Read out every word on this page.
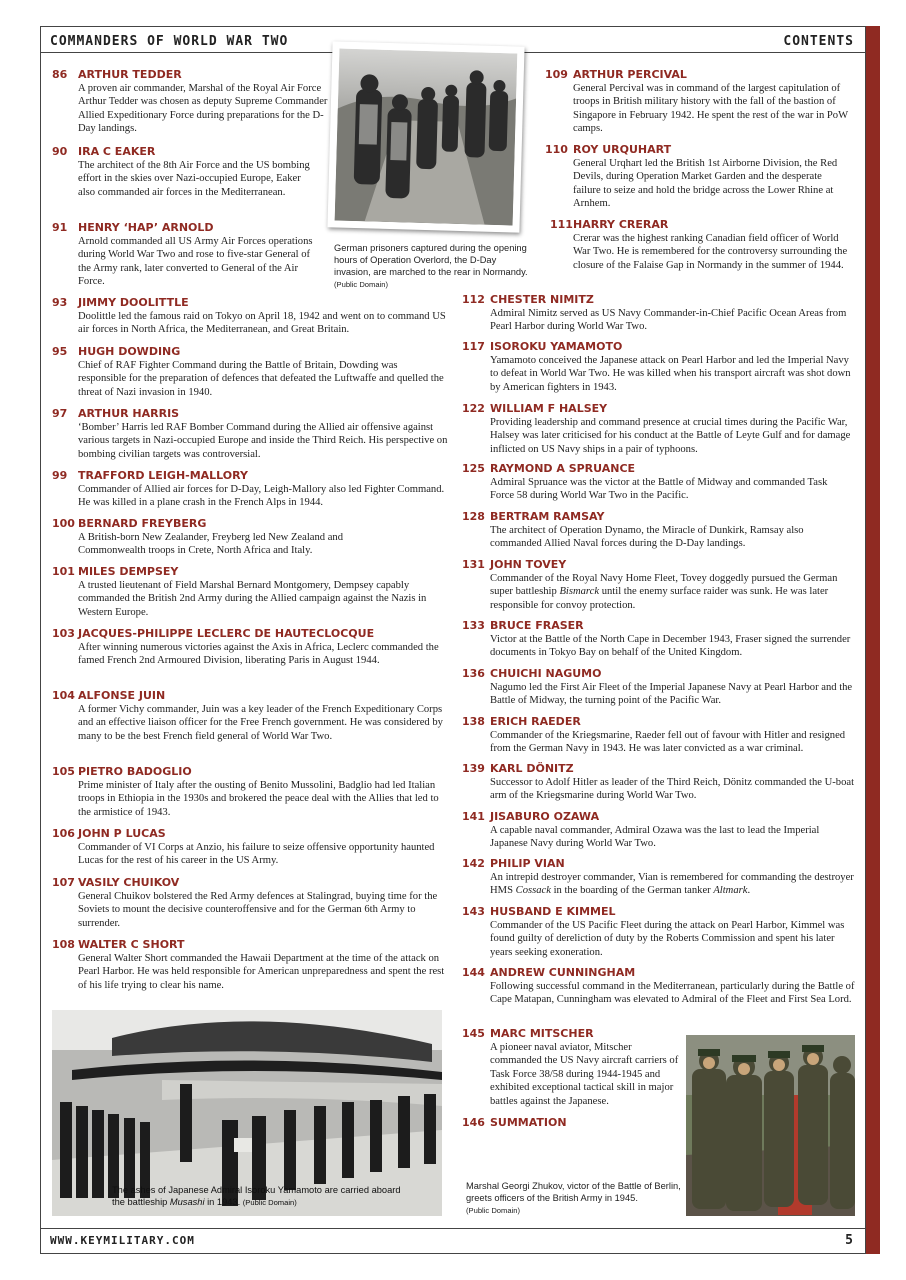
COMMANDERS OF WORLD WAR TWO	CONTENTS
WWW.KEYMILITARY.COM	5
86 ARTHUR TEDDER
A proven air commander, Marshal of the Royal Air Force Arthur Tedder was chosen as deputy Supreme Commander Allied Expeditionary Force during preparations for the D-Day landings.
90 IRA C EAKER
The architect of the 8th Air Force and the US bombing effort in the skies over Nazi-occupied Europe, Eaker also commanded air forces in the Mediterranean.
91 HENRY ‘HAP’ ARNOLD
Arnold commanded all US Army Air Forces operations during World War Two and rose to five-star General of the Army rank, later converted to General of the Air Force.
93 JIMMY DOOLITTLE
Doolittle led the famous raid on Tokyo on April 18, 1942 and went on to command US air forces in North Africa, the Mediterranean, and Great Britain.
95 HUGH DOWDING
Chief of RAF Fighter Command during the Battle of Britain, Dowding was responsible for the preparation of defences that defeated the Luftwaffe and quelled the threat of Nazi invasion in 1940.
97 ARTHUR HARRIS
‘Bomber’ Harris led RAF Bomber Command during the Allied air offensive against various targets in Nazi-occupied Europe and inside the Third Reich. His perspective on bombing civilian targets was controversial.
99 TRAFFORD LEIGH-MALLORY
Commander of Allied air forces for D-Day, Leigh-Mallory also led Fighter Command. He was killed in a plane crash in the French Alps in 1944.
100 BERNARD FREYBERG
A British-born New Zealander, Freyberg led New Zealand and Commonwealth troops in Crete, North Africa and Italy.
101 MILES DEMPSEY
A trusted lieutenant of Field Marshal Bernard Montgomery, Dempsey capably commanded the British 2nd Army during the Allied campaign against the Nazis in Western Europe.
103 JACQUES-PHILIPPE LECLERC DE HAUTECLOCQUE
After winning numerous victories against the Axis in Africa, Leclerc commanded the famed French 2nd Armoured Division, liberating Paris in August 1944.
104 ALFONSE JUIN
A former Vichy commander, Juin was a key leader of the French Expeditionary Corps and an effective liaison officer for the Free French government. He was considered by many to be the best French field general of World War Two.
105 PIETRO BADOGLIO
Prime minister of Italy after the ousting of Benito Mussolini, Badglio had led Italian troops in Ethiopia in the 1930s and brokered the peace deal with the Allies that led to the armistice of 1943.
106 JOHN P LUCAS
Commander of VI Corps at Anzio, his failure to seize offensive opportunity haunted Lucas for the rest of his career in the US Army.
107 VASILY CHUIKOV
General Chuikov bolstered the Red Army defences at Stalingrad, buying time for the Soviets to mount the decisive counteroffensive and for the German 6th Army to surrender.
108 WALTER C SHORT
General Walter Short commanded the Hawaii Department at the time of the attack on Pearl Harbor. He was held responsible for American unpreparedness and spent the rest of his life trying to clear his name.
109 ARTHUR PERCIVAL
General Percival was in command of the largest capitulation of troops in British military history with the fall of the bastion of Singapore in February 1942. He spent the rest of the war in PoW camps.
110 ROY URQUHART
General Urqhart led the British 1st Airborne Division, the Red Devils, during Operation Market Garden and the desperate failure to seize and hold the bridge across the Lower Rhine at Arnhem.
111 HARRY CRERAR
Crerar was the highest ranking Canadian field officer of World War Two. He is remembered for the controversy surrounding the closure of the Falaise Gap in Normandy in the summer of 1944.
112 CHESTER NIMITZ
Admiral Nimitz served as US Navy Commander-in-Chief Pacific Ocean Areas from Pearl Harbor during World War Two.
117 ISOROKU YAMAMOTO
Yamamoto conceived the Japanese attack on Pearl Harbor and led the Imperial Navy to defeat in World War Two. He was killed when his transport aircraft was shot down by American fighters in 1943.
122 WILLIAM F HALSEY
Providing leadership and command presence at crucial times during the Pacific War, Halsey was later criticised for his conduct at the Battle of Leyte Gulf and for damage inflicted on US Navy ships in a pair of typhoons.
125 RAYMOND A SPRUANCE
Admiral Spruance was the victor at the Battle of Midway and commanded Task Force 58 during World War Two in the Pacific.
128 BERTRAM RAMSAY
The architect of Operation Dynamo, the Miracle of Dunkirk, Ramsay also commanded Allied Naval forces during the D-Day landings.
131 JOHN TOVEY
Commander of the Royal Navy Home Fleet, Tovey doggedly pursued the German super battleship Bismarck until the enemy surface raider was sunk. He was later responsible for convoy protection.
133 BRUCE FRASER
Victor at the Battle of the North Cape in December 1943, Fraser signed the surrender documents in Tokyo Bay on behalf of the United Kingdom.
136 CHUICHI NAGUMO
Nagumo led the First Air Fleet of the Imperial Japanese Navy at Pearl Harbor and the Battle of Midway, the turning point of the Pacific War.
138 ERICH RAEDER
Commander of the Kriegsmarine, Raeder fell out of favour with Hitler and resigned from the German Navy in 1943. He was later convicted as a war criminal.
139 KARL DÖNITZ
Successor to Adolf Hitler as leader of the Third Reich, Dönitz commanded the U-boat arm of the Kriegsmarine during World War Two.
141 JISABURO OZAWA
A capable naval commander, Admiral Ozawa was the last to lead the Imperial Japanese Navy during World War Two.
142 PHILIP VIAN
An intrepid destroyer commander, Vian is remembered for commanding the destroyer HMS Cossack in the boarding of the German tanker Altmark.
143 HUSBAND E KIMMEL
Commander of the US Pacific Fleet during the attack on Pearl Harbor, Kimmel was found guilty of dereliction of duty by the Roberts Commission and spent his later years seeking exoneration.
144 ANDREW CUNNINGHAM
Following successful command in the Mediterranean, particularly during the Battle of Cape Matapan, Cunningham was elevated to Admiral of the Fleet and First Sea Lord.
145 MARC MITSCHER
A pioneer naval aviator, Mitscher commanded the US Navy aircraft carriers of Task Force 38/58 during 1944-1945 and exhibited exceptional tactical skill in major battles against the Japanese.
146 SUMMATION
German prisoners captured during the opening hours of Operation Overlord, the D-Day invasion, are marched to the rear in Normandy.
(Public Domain)
The ashes of Japanese Admiral Isoroku Yamamoto are carried aboard the battleship Musashi in 1943. (Public Domain)
Marshal Georgi Zhukov, victor of the Battle of Berlin, greets officers of the British Army in 1945.
(Public Domain)
